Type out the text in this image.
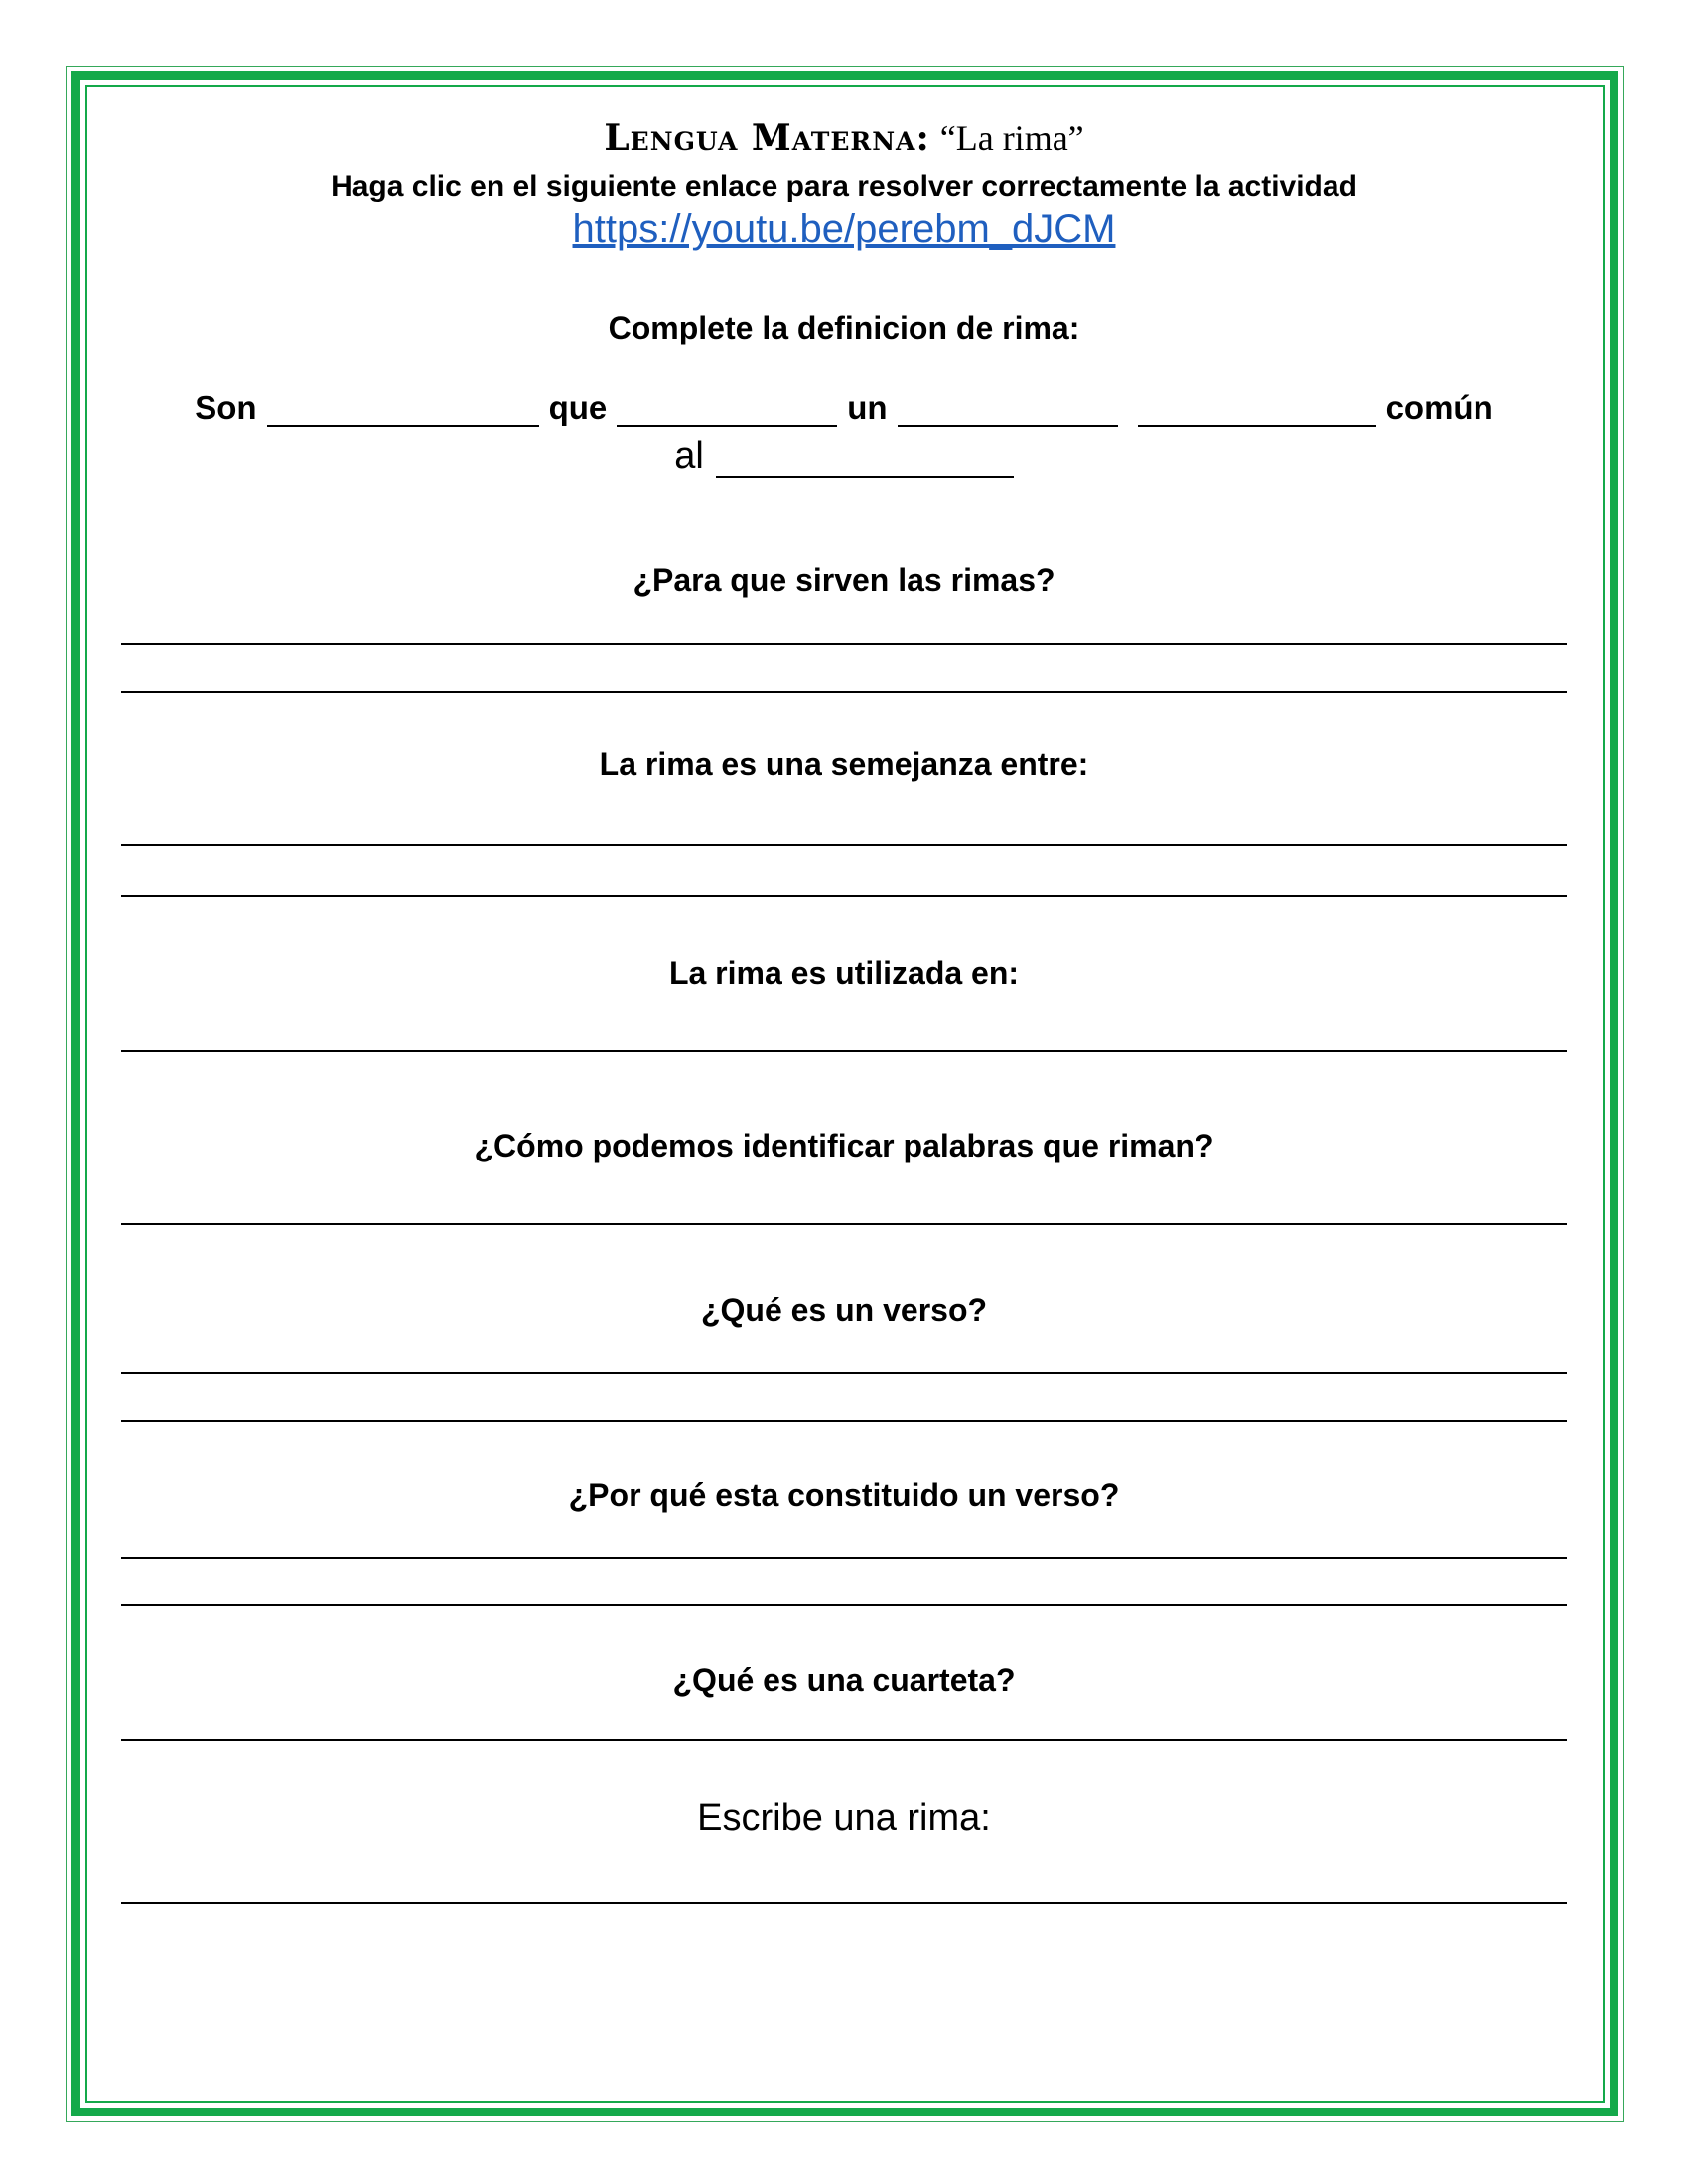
Lengua Materna: “La rima”
Haga clic en el siguiente enlace para resolver correctamente la actividad
https://youtu.be/perebm_dJCM
Complete la definicion de rima:
Son	que	un	común
al
¿Para que sirven las rimas?
La rima es una semejanza entre:
La rima es utilizada en:
¿Cómo podemos identificar palabras que riman?
¿Qué es un verso?
¿Por qué esta constituido un verso?
¿Qué es una cuarteta?
Escribe una rima:
